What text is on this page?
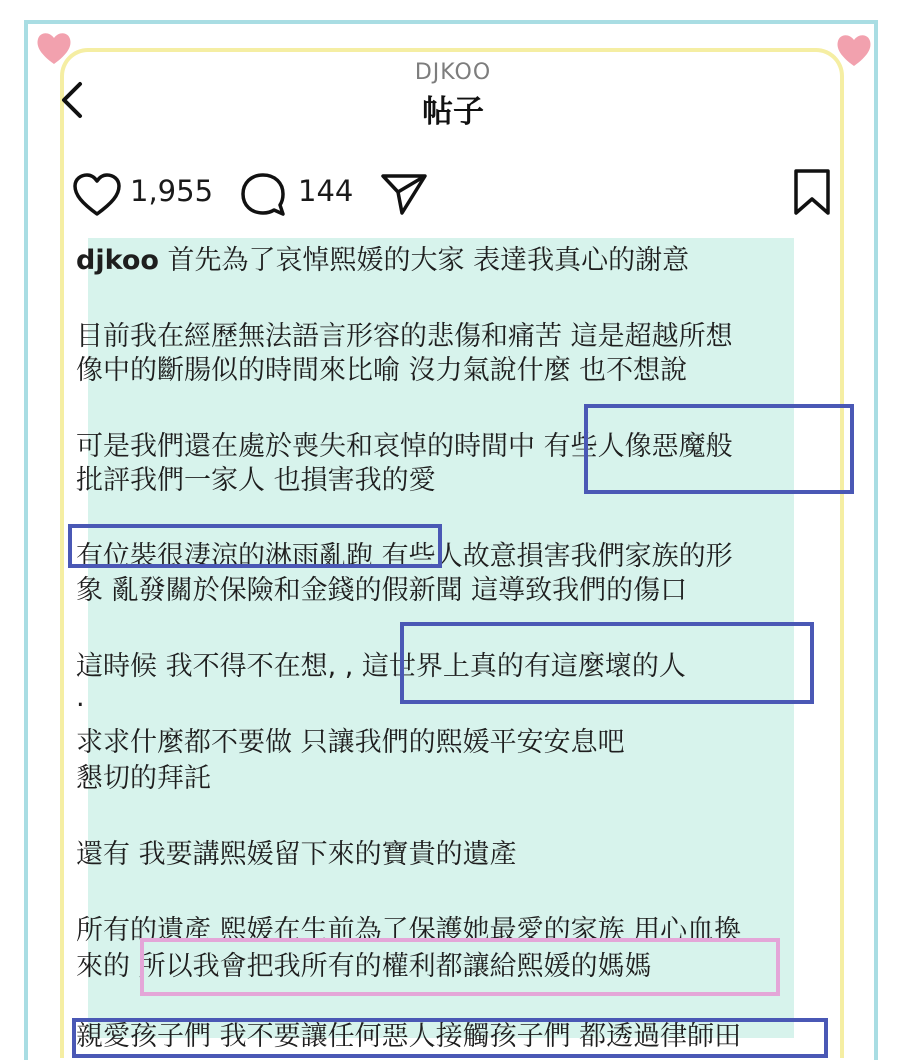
DJKOO
帖子
1,955	144
djkoo 首先為了哀悼熙媛的大家 表達我真心的謝意
目前我在經歷無法語言形容的悲傷和痛苦 這是超越所想
像中的斷腸似的時間來比喻 沒力氣說什麼 也不想說
可是我們還在處於喪失和哀悼的時間中 有些人像惡魔般
批評我們一家人 也損害我的愛
有位裝很淒涼的淋雨亂跑 有些人故意損害我們家族的形
象 亂發關於保險和金錢的假新聞 這導致我們的傷口
這時候 我不得不在想, , 這世界上真的有這麼壞的人
.
求求什麼都不要做 只讓我們的熙媛平安安息吧
懇切的拜託
還有 我要講熙媛留下來的寶貴的遺產
所有的遺產 熙媛在生前為了保護她最愛的家族 用心血換
來的 所以我會把我所有的權利都讓給熙媛的媽媽
親愛孩子們 我不要讓任何惡人接觸孩子們 都透過律師田
